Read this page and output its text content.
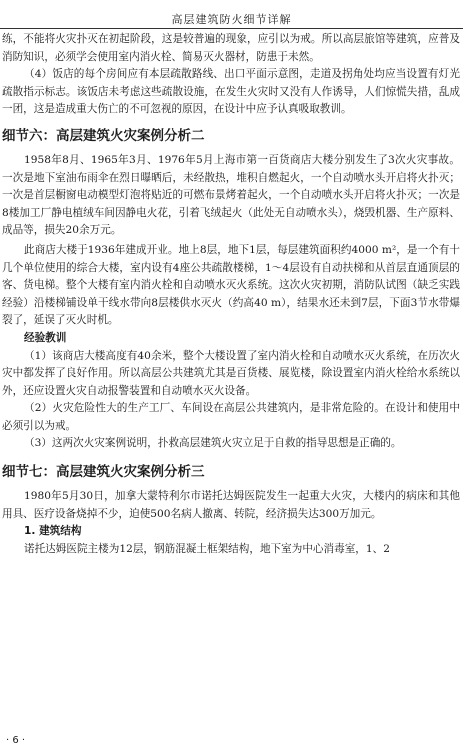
高层建筑防火细节详解

练，不能将火灾扑灭在初起阶段，这是较普遍的现象，应引以为戒。所以高层旅馆等建筑，应普及消防知识，必须学会使用室内消火栓、简易灭火器材，防患于未然。

（4）饭店的每个房间应有本层疏散路线、出口平面示意图，走道及拐角处均应当设置有灯光疏散指示标志。该饭店未考虑这些疏散设施，在发生火灾时又没有人作诱导，人们惊慌失措，乱成一团，这是造成重大伤亡的不可忽视的原因，在设计中应予认真吸取教训。

细节六：高层建筑火灾案例分析二

1958年8月、1965年3月、1976年5月上海市第一百货商店大楼分别发生了3次火灾事故。一次是地下室油布雨伞在烈日曝晒后，未经散热，堆积自燃起火，一个自动喷水头开启将火扑灭；一次是首层橱窗电动模型灯泡将贴近的可燃布景烤着起火，一个自动喷水头开启将火扑灭；一次是8楼加工厂静电植绒车间因静电火花，引着飞绒起火（此处无自动喷水头），烧毁机器、生产原料、成品等，损失20余万元。

此商店大楼于1936年建成开业。地上8层，地下1层，每层建筑面积约4000 m²，是一个有十几个单位使用的综合大楼，室内设有4座公共疏散楼梯，1～4层设有自动扶梯和从首层直通顶层的客、货电梯。整个大楼有室内消火栓和自动喷水灭火系统。这次火灾初期，消防队试图（缺乏实践经验）沿楼梯铺设单干线水带向8层楼供水灭火（约高40 m），结果水还未到7层，下面3节水带爆裂了，延误了灭火时机。

经验教训

（1）该商店大楼高度有40余米，整个大楼设置了室内消火栓和自动喷水灭火系统，在历次火灾中都发挥了良好作用。所以高层公共建筑尤其是百货楼、展览楼，除设置室内消火栓给水系统以外，还应设置火灾自动报警装置和自动喷水灭火设备。

（2）火灾危险性大的生产工厂、车间设在高层公共建筑内，是非常危险的。在设计和使用中必须引以为戒。

（3）这两次火灾案例说明，扑救高层建筑火灾立足于自救的指导思想是正确的。

细节七：高层建筑火灾案例分析三

1980年5月30日，加拿大蒙特利尔市诺托达姆医院发生一起重大火灾，大楼内的病床和其他用具、医疗设备烧掉不少，迫使500名病人撤离、转院，经济损失达300万加元。

1. 建筑结构

诺托达姆医院主楼为12层，钢筋混凝土框架结构，地下室为中心消毒室，1、2

· 6 ·
